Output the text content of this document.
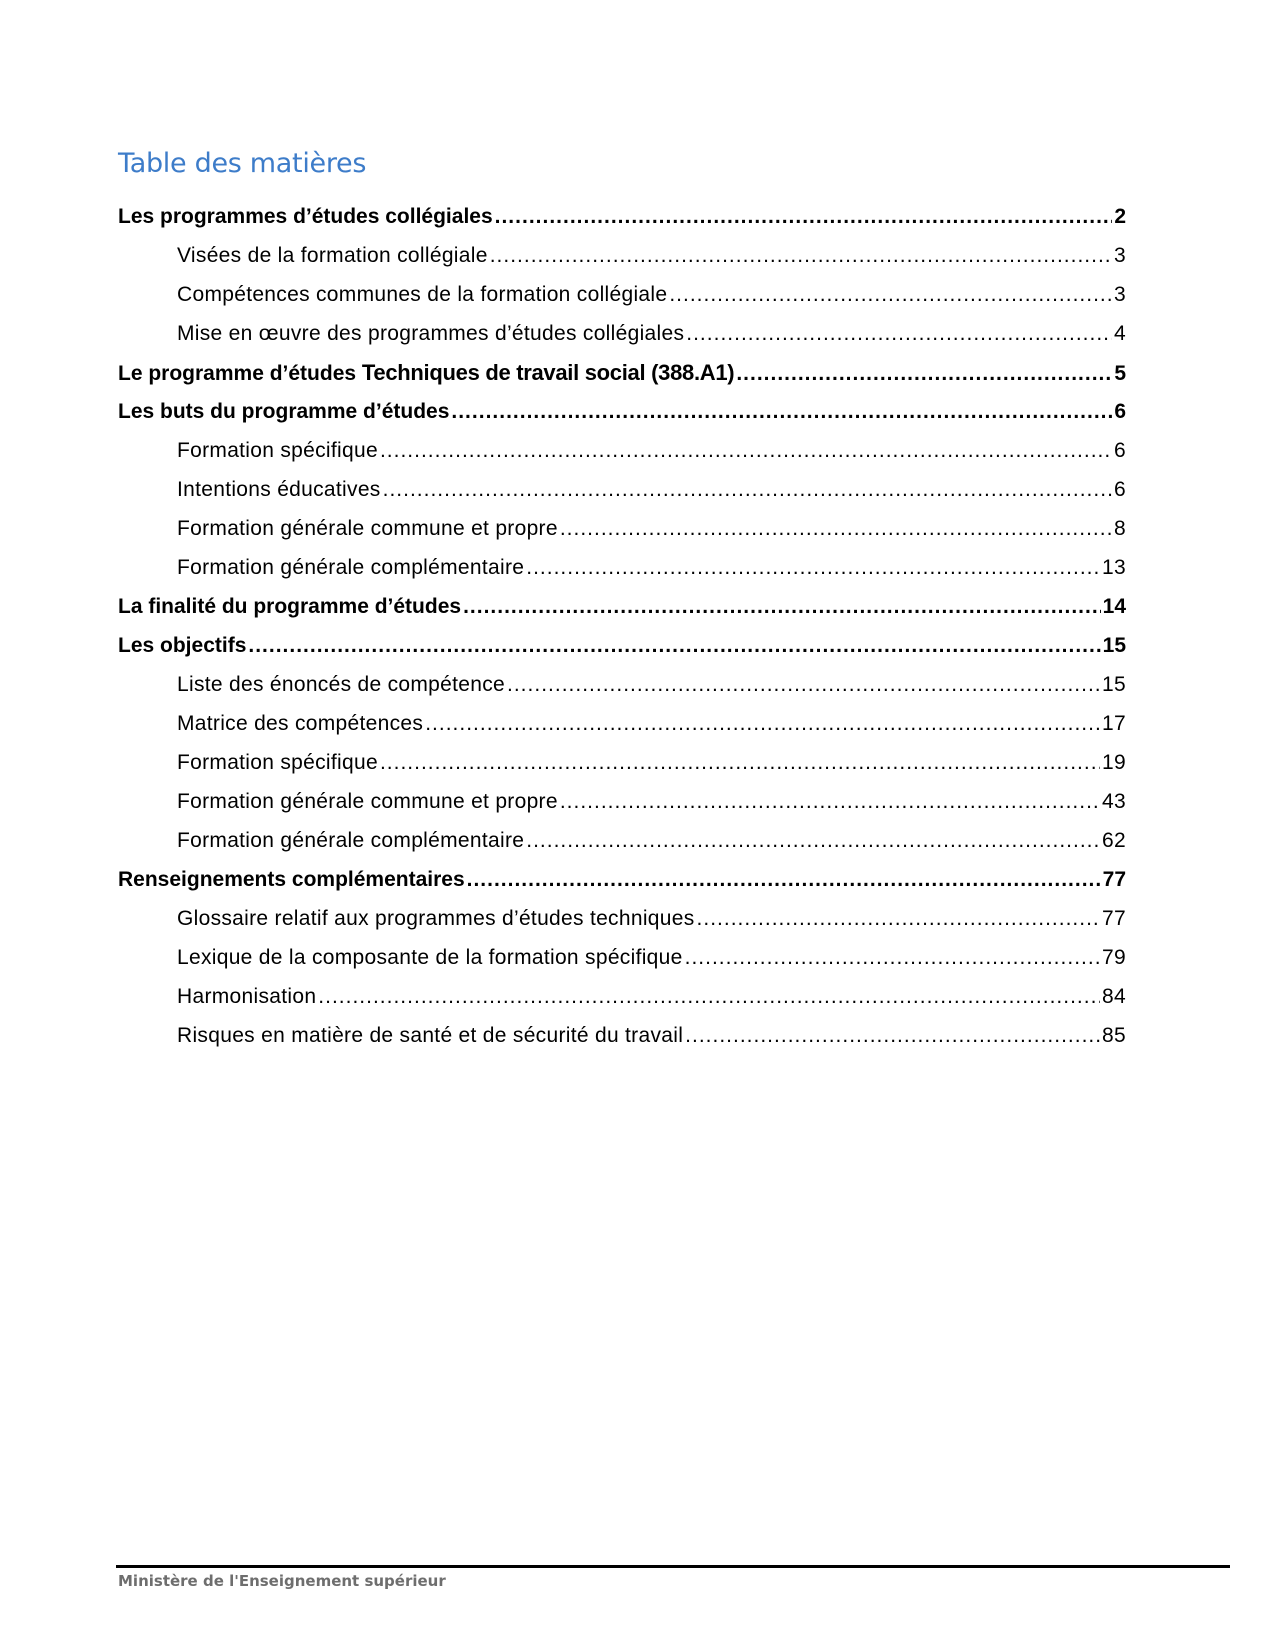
Table des matières
Les programmes d’études collégiales .....	2
Visées de la formation collégiale .....	3
Compétences communes de la formation collégiale .....	3
Mise en œuvre des programmes d’études collégiales .....	4
Le programme d’études Techniques de travail social (388.A1) .....	5
Les buts du programme d’études .....	6
Formation spécifique .....	6
Intentions éducatives .....	6
Formation générale commune et propre .....	8
Formation générale complémentaire .....	13
La finalité du programme d’études .....	14
Les objectifs .....	15
Liste des énoncés de compétence .....	15
Matrice des compétences .....	17
Formation spécifique .....	19
Formation générale commune et propre .....	43
Formation générale complémentaire .....	62
Renseignements complémentaires .....	77
Glossaire relatif aux programmes d’études techniques .....	77
Lexique de la composante de la formation spécifique .....	79
Harmonisation .....	84
Risques en matière de santé et de sécurité du travail .....	85
Ministère de l'Enseignement supérieur
